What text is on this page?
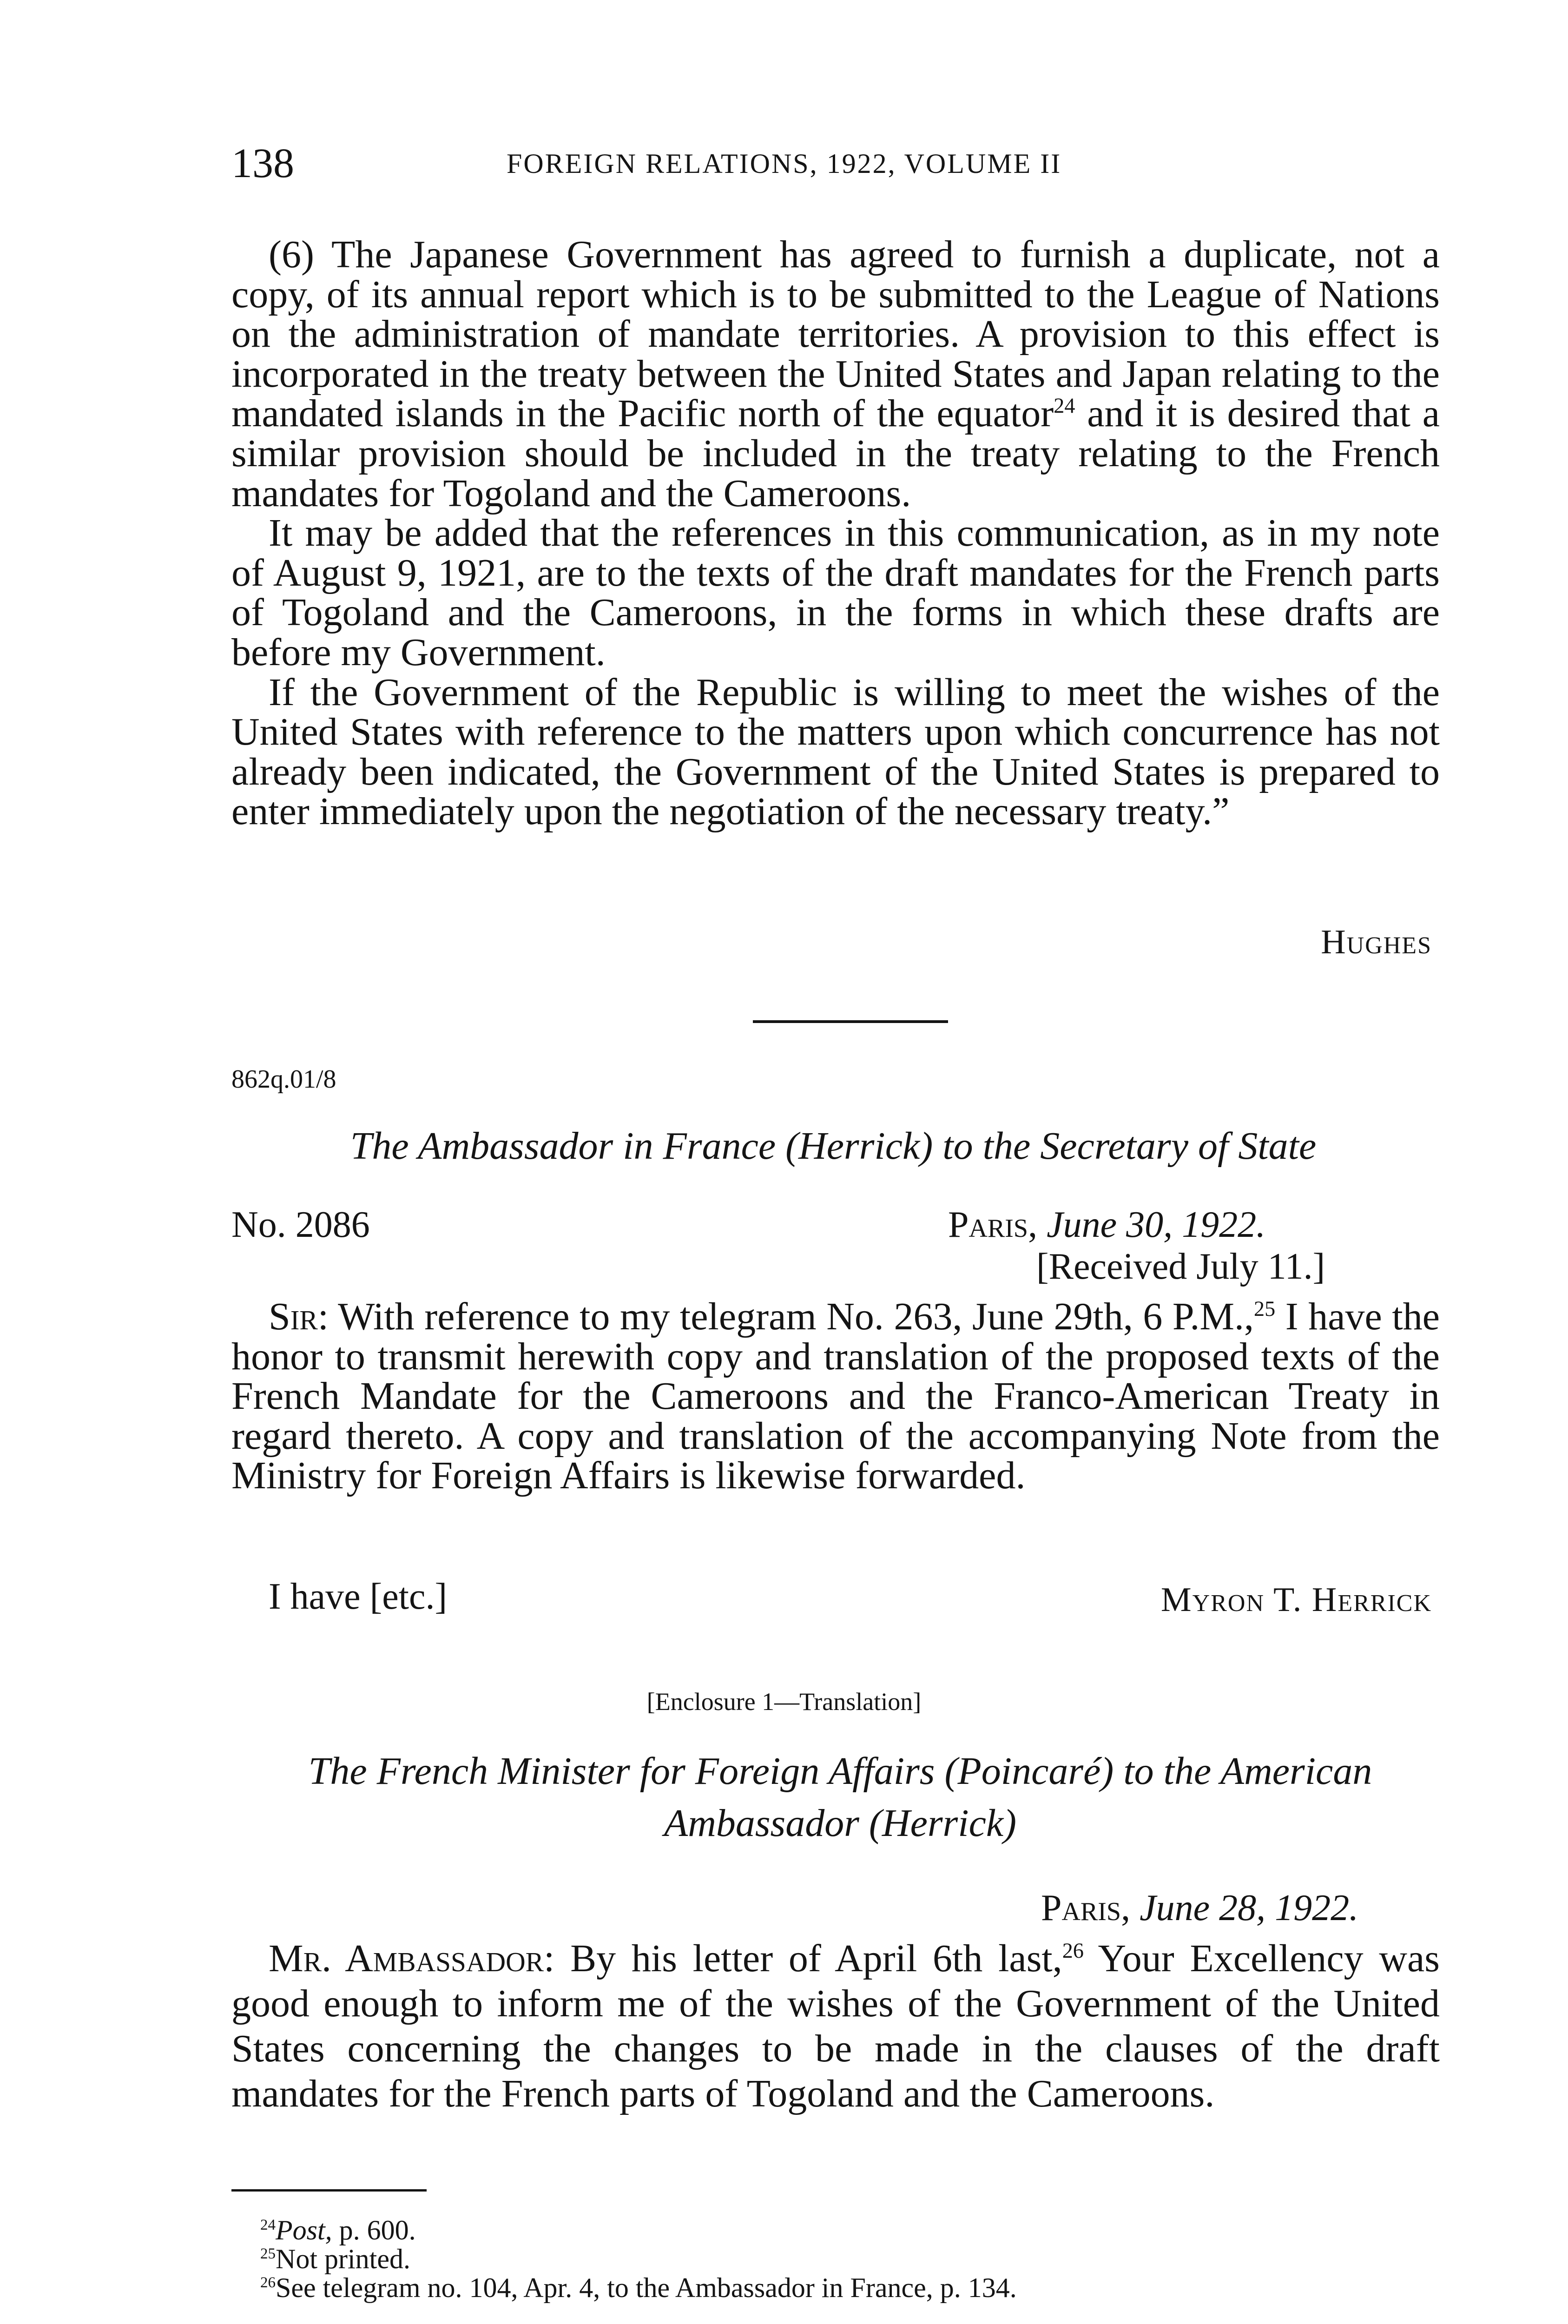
138	FOREIGN RELATIONS, 1922, VOLUME II

(6) The Japanese Government has agreed to furnish a duplicate, not a copy, of its annual report which is to be submitted to the League of Nations on the administration of mandate territories. A provision to this effect is incorporated in the treaty between the United States and Japan relating to the mandated islands in the Pacific north of the equator$^{24}$ and it is desired that a similar provision should be included in the treaty relating to the French mandates for Togoland and the Cameroons.

It may be added that the references in this communication, as in my note of August 9, 1921, are to the texts of the draft mandates for the French parts of Togoland and the Cameroons, in the forms in which these drafts are before my Government.

If the Government of the Republic is willing to meet the wishes of the United States with reference to the matters upon which concurrence has not already been indicated, the Government of the United States is prepared to enter immediately upon the negotiation of the necessary treaty.”

Hughes
862q.01/8
The Ambassador in France (Herrick) to the Secretary of State
No. 2086	Paris, June 30, 1922.
[Received July 11.]

Sir: With reference to my telegram No. 263, June 29th, 6 P.M.,$^{25}$ I have the honor to transmit herewith copy and translation of the proposed texts of the French Mandate for the Cameroons and the Franco-American Treaty in regard thereto. A copy and translation of the accompanying Note from the Ministry for Foreign Affairs is likewise forwarded.

I have [etc.]	Myron T. Herrick
[Enclosure 1—Translation]
The French Minister for Foreign Affairs (Poincaré) to the American
Ambassador (Herrick)
Paris, June 28, 1922.

Mr. Ambassador: By his letter of April 6th last,$^{26}$ Your Excellency was good enough to inform me of the wishes of the Government of the United States concerning the changes to be made in the clauses of the draft mandates for the French parts of Togoland and the Cameroons.

$^{24}$Post, p. 600.
$^{25}$Not printed.
$^{26}$See telegram no. 104, Apr. 4, to the Ambassador in France, p. 134.
